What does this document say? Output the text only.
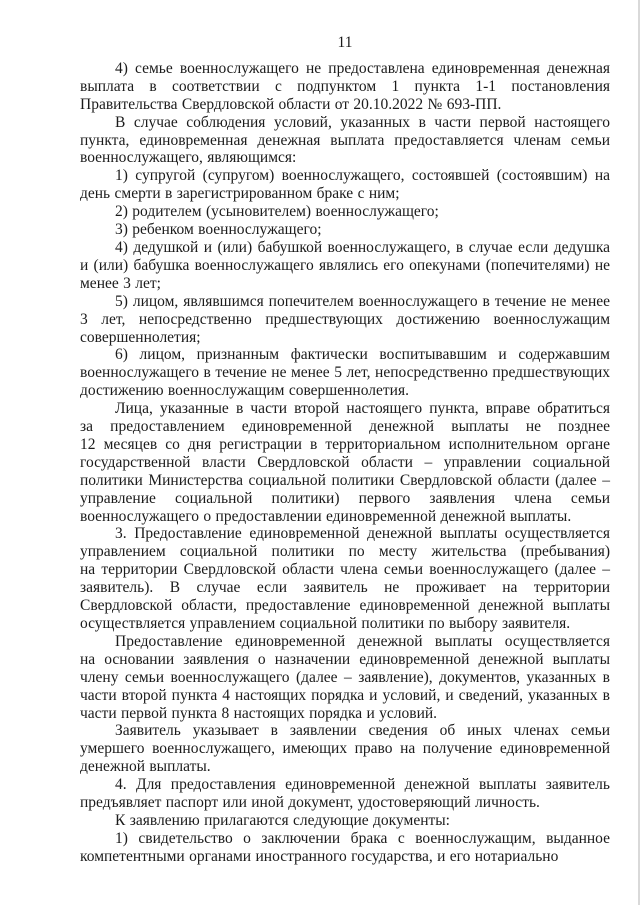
11

4) семье военнослужащего не предоставлена единовременная денежная выплата в соответствии с подпунктом 1 пункта 1-1 постановления Правительства Свердловской области от 20.10.2022 № 693-ПП.

В случае соблюдения условий, указанных в части первой настоящего пункта, единовременная денежная выплата предоставляется членам семьи военнослужащего, являющимся:

1) супругой (супругом) военнослужащего, состоявшей (состоявшим) на день смерти в зарегистрированном браке с ним;

2) родителем (усыновителем) военнослужащего;

3) ребенком военнослужащего;

4) дедушкой и (или) бабушкой военнослужащего, в случае если дедушка и (или) бабушка военнослужащего являлись его опекунами (попечителями) не менее 3 лет;

5) лицом, являвшимся попечителем военнослужащего в течение не менее 3 лет, непосредственно предшествующих достижению военнослужащим совершеннолетия;

6) лицом, признанным фактически воспитывавшим и содержавшим военнослужащего в течение не менее 5 лет, непосредственно предшествующих достижению военнослужащим совершеннолетия.

Лица, указанные в части второй настоящего пункта, вправе обратиться за предоставлением единовременной денежной выплаты не позднее 12 месяцев со дня регистрации в территориальном исполнительном органе государственной власти Свердловской области – управлении социальной политики Министерства социальной политики Свердловской области (далее – управление социальной политики) первого заявления члена семьи военнослужащего о предоставлении единовременной денежной выплаты.

3. Предоставление единовременной денежной выплаты осуществляется управлением социальной политики по месту жительства (пребывания) на территории Свердловской области члена семьи военнослужащего (далее – заявитель). В случае если заявитель не проживает на территории Свердловской области, предоставление единовременной денежной выплаты осуществляется управлением социальной политики по выбору заявителя.

Предоставление единовременной денежной выплаты осуществляется на основании заявления о назначении единовременной денежной выплаты члену семьи военнослужащего (далее – заявление), документов, указанных в части второй пункта 4 настоящих порядка и условий, и сведений, указанных в части первой пункта 8 настоящих порядка и условий.

Заявитель указывает в заявлении сведения об иных членах семьи умершего военнослужащего, имеющих право на получение единовременной денежной выплаты.

4. Для предоставления единовременной денежной выплаты заявитель предъявляет паспорт или иной документ, удостоверяющий личность.

К заявлению прилагаются следующие документы:

1) свидетельство о заключении брака с военнослужащим, выданное компетентными органами иностранного государства, и его нотариально
